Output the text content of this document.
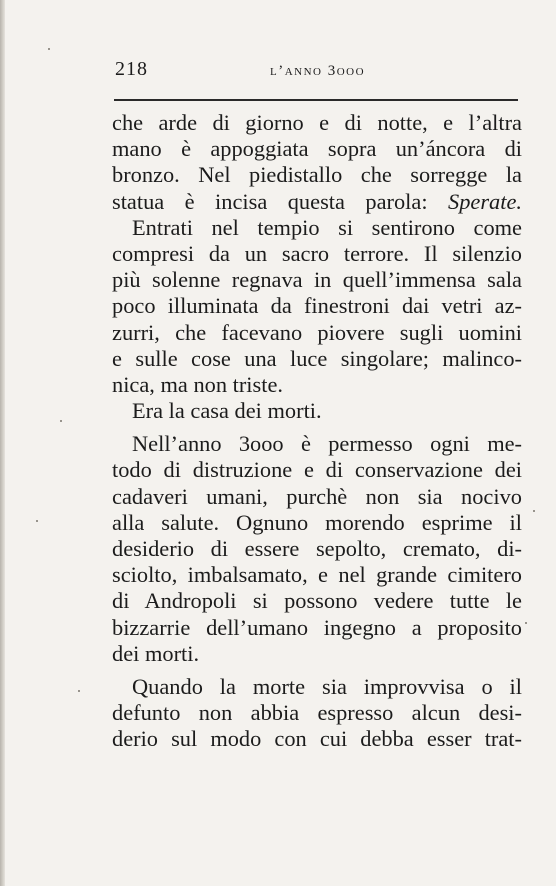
218	l’anno 3ooo
che arde di giorno e di notte, e l’altra
mano è appoggiata sopra un’áncora di
bronzo. Nel piedistallo che sorregge la
statua è incisa questa parola: Sperate.
Entrati nel tempio si sentirono come
compresi da un sacro terrore. Il silenzio
più solenne regnava in quell’immensa sala
poco illuminata da finestroni dai vetri az-
zurri, che facevano piovere sugli uomini
e sulle cose una luce singolare; malinco-
nica, ma non triste.
Era la casa dei morti.
Nell’anno 3ooo è permesso ogni me-
todo di distruzione e di conservazione dei
cadaveri umani, purchè non sia nocivo
alla salute. Ognuno morendo esprime il
desiderio di essere sepolto, cremato, di-
sciolto, imbalsamato, e nel grande cimitero
di Andropoli si possono vedere tutte le
bizzarrie dell’umano ingegno a proposito
dei morti.
Quando la morte sia improvvisa o il
defunto non abbia espresso alcun desi-
derio sul modo con cui debba esser trat-
